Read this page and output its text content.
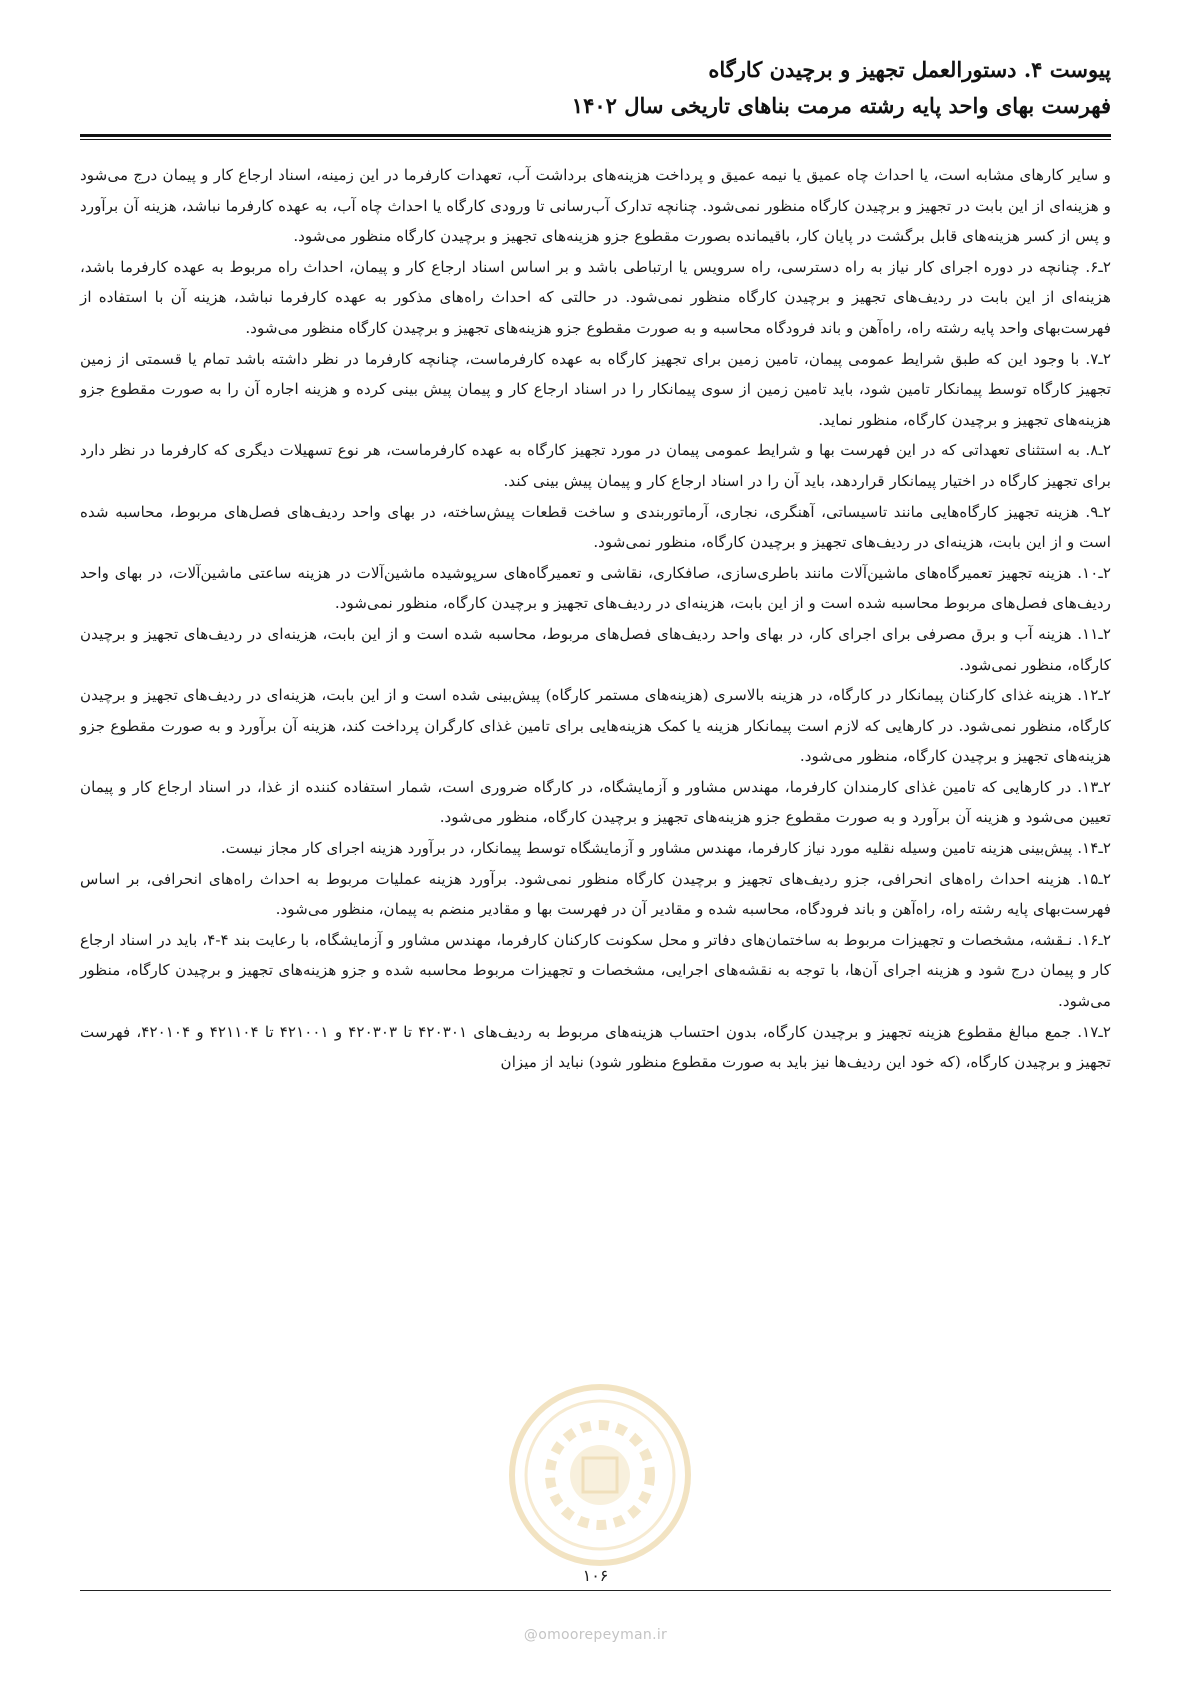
پیوست ۴. دستورالعمل تجهیز و برچیدن کارگاه
فهرست بهای واحد پایه رشته مرمت بناهای تاریخی سال ۱۴۰۲

و سایر کارهای مشابه است، یا احداث چاه عمیق یا نیمه عمیق و پرداخت هزینه‌های برداشت آب، تعهدات کارفرما در این زمینه، اسناد ارجاع کار و پیمان درج می‌شود و هزینه‌ای از این بابت در تجهیز و برچیدن کارگاه منظور نمی‌شود. چنانچه تدارک آب‌رسانی تا ورودی کارگاه یا احداث چاه آب، به عهده کارفرما نباشد، هزینه آن برآورد و پس از کسر هزینه‌های قابل برگشت در پایان کار، باقیمانده بصورت مقطوع جزو هزینه‌های تجهیز و برچیدن کارگاه منظور می‌شود.

۲ـ۶. چنانچه در دوره اجرای کار نیاز به راه دسترسی، راه سرویس یا ارتباطی باشد و بر اساس اسناد ارجاع کار و پیمان، احداث راه مربوط به عهده کارفرما باشد، هزینه‌ای از این بابت در ردیف‌های تجهیز و برچیدن کارگاه منظور نمی‌شود. در حالتی که احداث راه‌های مذکور به عهده کارفرما نباشد، هزینه آن با استفاده از فهرست‌بهای واحد پایه رشته راه، راه‌آهن و باند فرودگاه محاسبه و به صورت مقطوع جزو هزینه‌های تجهیز و برچیدن کارگاه منظور می‌شود.

۲ـ۷. با وجود این که طبق شرایط عمومی پیمان، تامین زمین برای تجهیز کارگاه به عهده کارفرماست، چنانچه کارفرما در نظر داشته باشد تمام یا قسمتی از زمین تجهیز کارگاه توسط پیمانکار تامین شود، باید تامین زمین از سوی پیمانکار را در اسناد ارجاع کار و پیمان پیش بینی کرده و هزینه اجاره آن را به صورت مقطوع جزو هزینه‌های تجهیز و برچیدن کارگاه، منظور نماید.

۲ـ۸. به استثنای تعهداتی که در این فهرست بها و شرایط عمومی پیمان در مورد تجهیز کارگاه به عهده کارفرماست، هر نوع تسهیلات دیگری که کارفرما در نظر دارد برای تجهیز کارگاه در اختیار پیمانکار قراردهد، باید آن را در اسناد ارجاع کار و پیمان پیش بینی کند.

۲ـ۹. هزینه تجهیز کارگاه‌هایی مانند تاسیساتی، آهنگری، نجاری، آرماتوربندی و ساخت قطعات پیش‌ساخته، در بهای واحد ردیف‌های فصل‌های مربوط، محاسبه شده است و از این بابت، هزینه‌ای در ردیف‌های تجهیز و برچیدن کارگاه، منظور نمی‌شود.

۲ـ۱۰. هزینه تجهیز تعمیرگاه‌های ماشین‌آلات مانند باطری‌سازی، صافکاری، نقاشی و تعمیرگاه‌های سرپوشیده ماشین‌آلات در هزینه ساعتی ماشین‌آلات، در بهای واحد ردیف‌های فصل‌های مربوط محاسبه شده است و از این بابت، هزینه‌ای در ردیف‌های تجهیز و برچیدن کارگاه، منظور نمی‌شود.

۲ـ۱۱. هزینه آب و برق مصرفی برای اجرای کار، در بهای واحد ردیف‌های فصل‌های مربوط، محاسبه شده است و از این بابت، هزینه‌ای در ردیف‌های تجهیز و برچیدن کارگاه، منظور نمی‌شود.

۲ـ۱۲. هزینه غذای کارکنان پیمانکار در کارگاه، در هزینه بالاسری (هزینه‌های مستمر کارگاه) پیش‌بینی شده است و از این بابت، هزینه‌ای در ردیف‌های تجهیز و برچیدن کارگاه، منظور نمی‌شود. در کارهایی که لازم است پیمانکار هزینه یا کمک هزینه‌هایی برای تامین غذای کارگران پرداخت کند، هزینه آن برآورد و به صورت مقطوع جزو هزینه‌های تجهیز و برچیدن کارگاه، منظور می‌شود.

۲ـ۱۳. در کارهایی که تامین غذای کارمندان کارفرما، مهندس مشاور و آزمایشگاه، در کارگاه ضروری است، شمار استفاده کننده از غذا، در اسناد ارجاع کار و پیمان تعیین می‌شود و هزینه آن برآورد و به صورت مقطوع جزو هزینه‌های تجهیز و برچیدن کارگاه، منظور می‌شود.

۲ـ۱۴. پیش‌بینی هزینه تامین وسیله نقلیه مورد نیاز کارفرما، مهندس مشاور و آزمایشگاه توسط پیمانکار، در برآورد هزینه اجرای کار مجاز نیست.

۲ـ۱۵. هزینه احداث راه‌های انحرافی، جزو ردیف‌های تجهیز و برچیدن کارگاه منظور نمی‌شود. برآورد هزینه عملیات مربوط به احداث راه‌های انحرافی، بر اساس فهرست‌بهای پایه رشته راه، راه‌آهن و باند فرودگاه، محاسبه شده و مقادیر آن در فهرست بها و مقادیر منضم به پیمان، منظور می‌شود.

۲ـ۱۶. نـقشه، مشخصات و تجهیزات مربوط به ساختمان‌های دفاتر و محل سکونت کارکنان کارفرما، مهندس مشاور و آزمایشگاه، با رعایت بند ۴-۴، باید در اسناد ارجاع کار و پیمان درج شود و هزینه اجرای آن‌ها، با توجه به نقشه‌های اجرایی، مشخصات و تجهیزات مربوط محاسبه شده و جزو هزینه‌های تجهیز و برچیدن کارگاه، منظور می‌شود.

۲ـ۱۷. جمع مبالغ مقطوع هزینه تجهیز و برچیدن کارگاه، بدون احتساب هزینه‌های مربوط به ردیف‌های ۴۲۰۳۰۱ تا ۴۲۰۳۰۳ و ۴۲۱۰۰۱ تا ۴۲۱۱۰۴ و ۴۲۰۱۰۴، فهرست تجهیز و برچیدن کارگاه، (که خود این ردیف‌ها نیز باید به صورت مقطوع منظور شود) نباید از میزان

۱۰۶
@omoorepeyman.ir
